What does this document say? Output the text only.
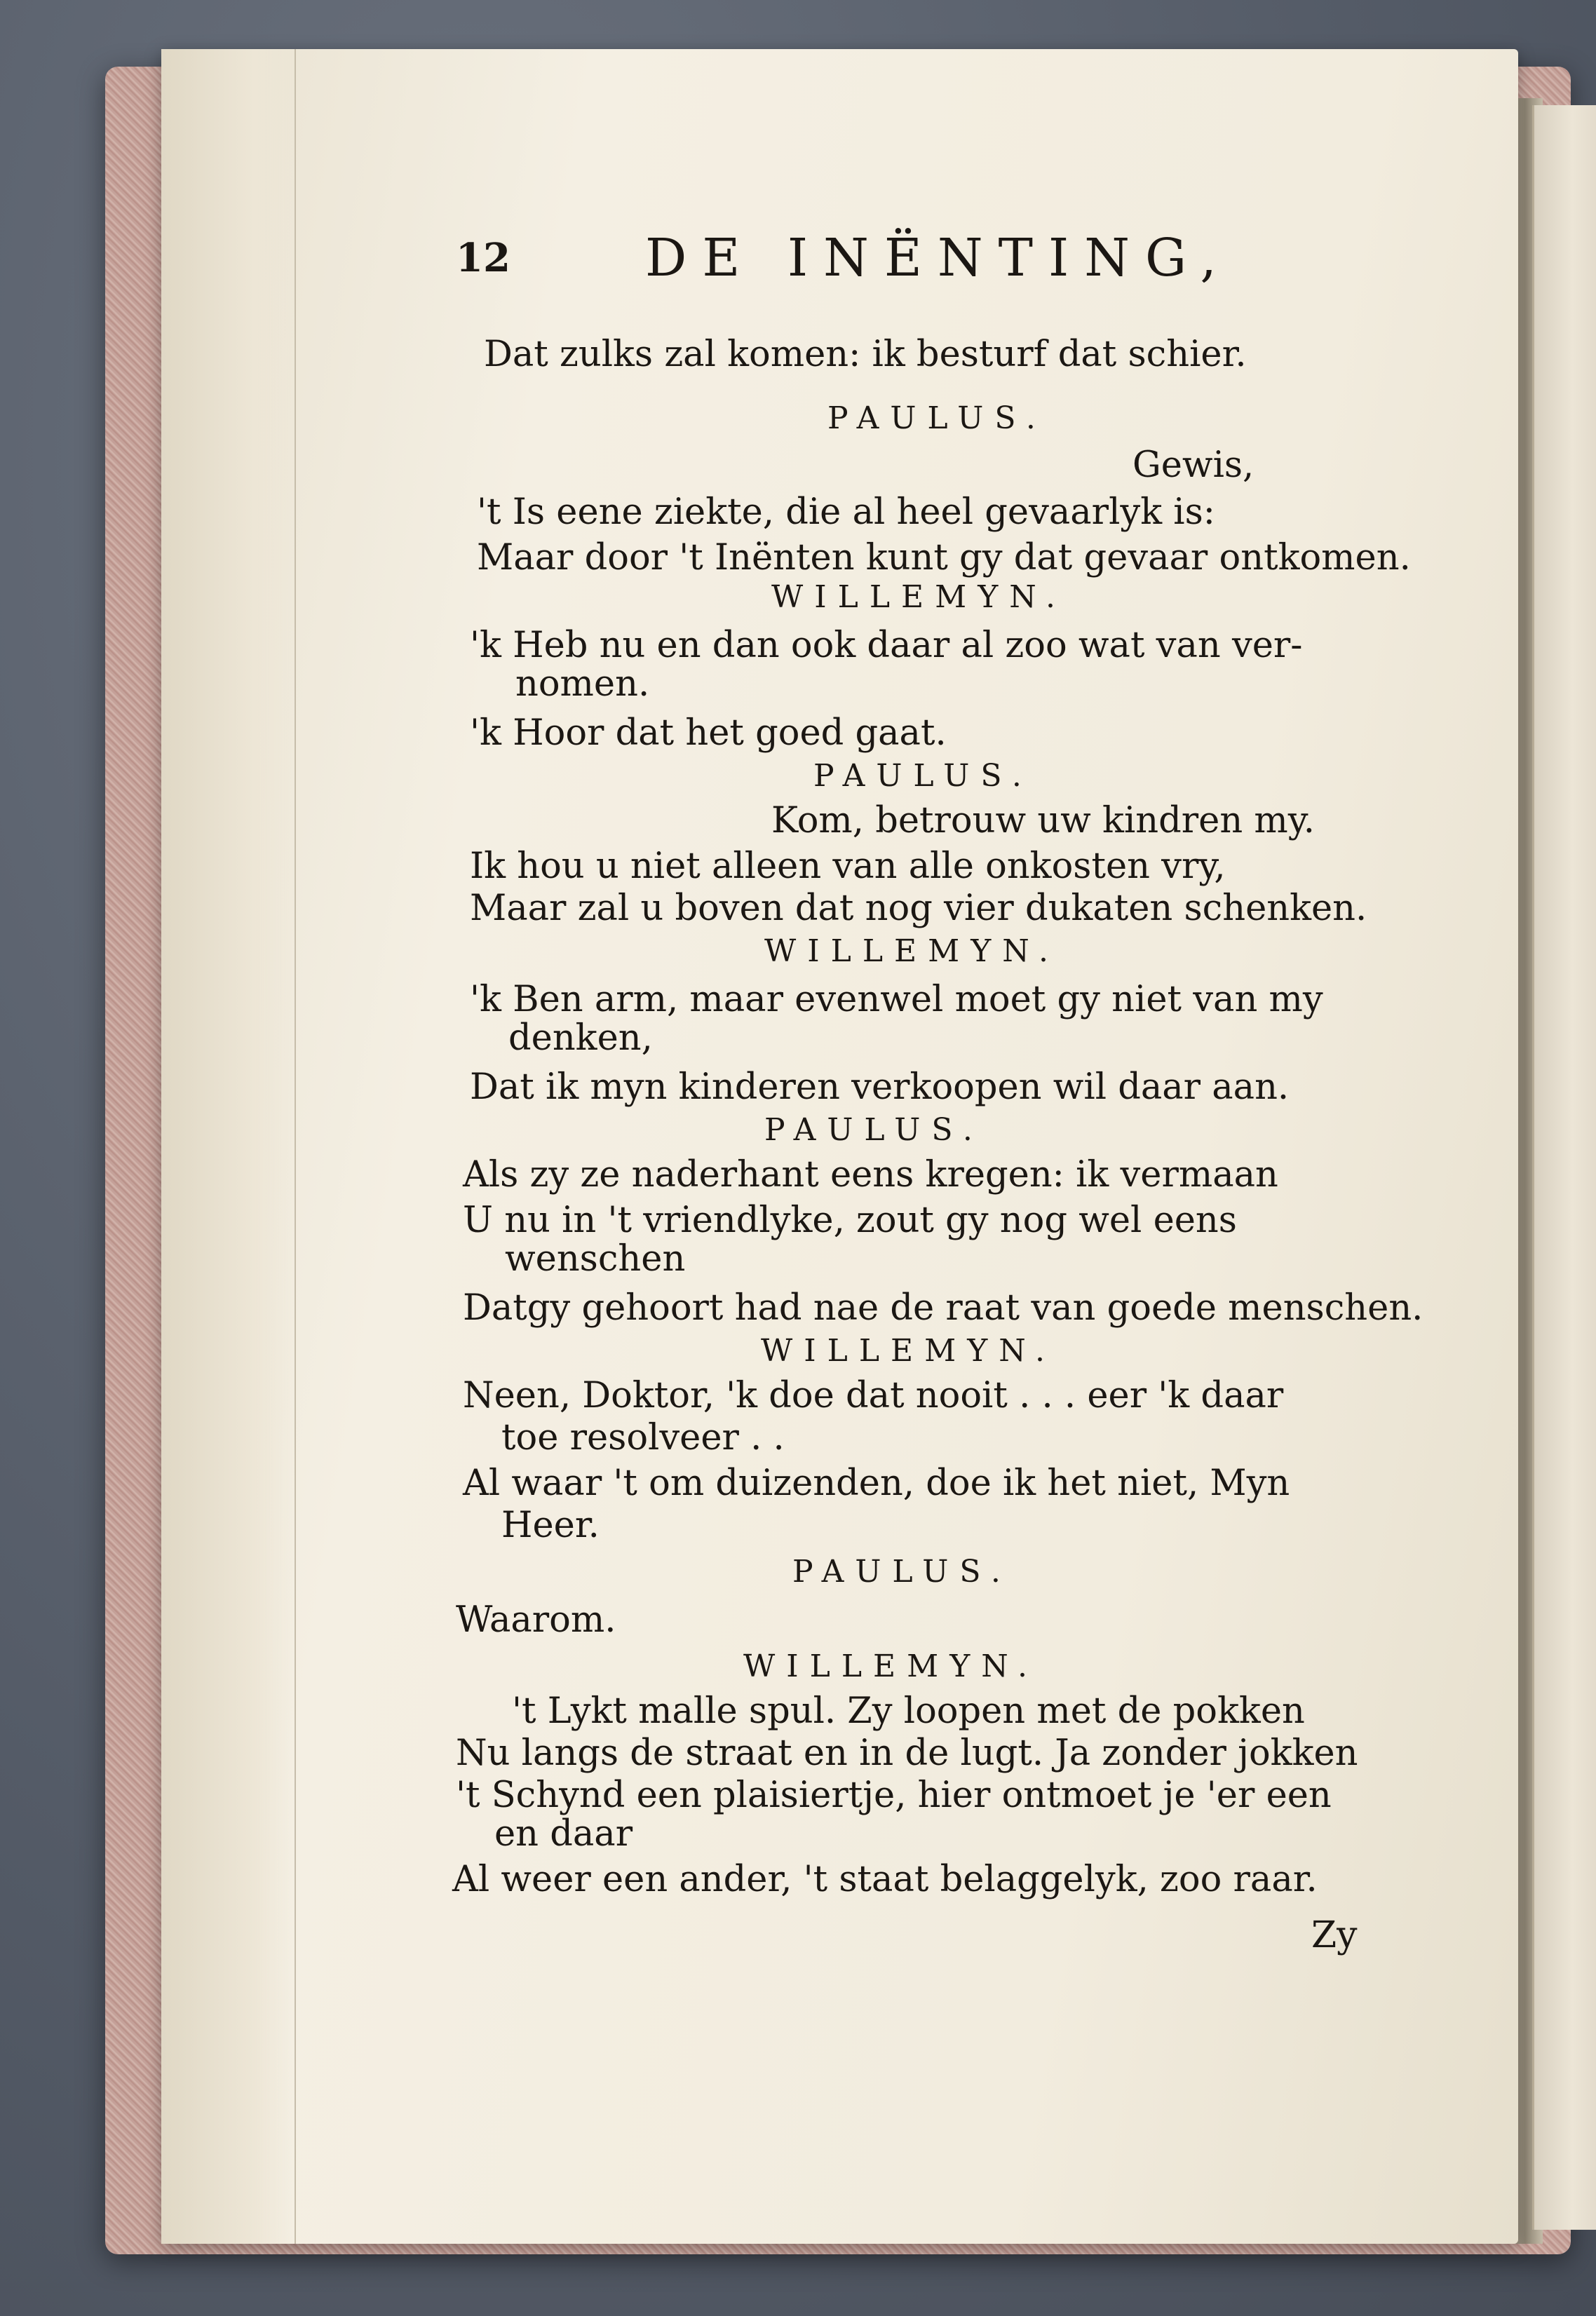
12	DE INËNTING,
Dat zulks zal komen: ik besturf dat schier.
PAULUS.
Gewis,
't Is eene ziekte, die al heel gevaarlyk is:
Maar door 't Inënten kunt gy dat gevaar ontkomen.
WILLEMYN.
'k Heb nu en dan ook daar al zoo wat van ver-
nomen.
'k Hoor dat het goed gaat.
PAULUS.
Kom, betrouw uw kindren my.
Ik hou u niet alleen van alle onkosten vry,
Maar zal u boven dat nog vier dukaten schenken.
WILLEMYN.
'k Ben arm, maar evenwel moet gy niet van my
denken,
Dat ik myn kinderen verkoopen wil daar aan.
PAULUS.
Als zy ze naderhant eens kregen: ik vermaan
U nu in 't vriendlyke, zout gy nog wel eens
wenschen
Datgy gehoort had nae de raat van goede menschen.
WILLEMYN.
Neen, Doktor, 'k doe dat nooit . . . eer 'k daar
toe resolveer . .
Al waar 't om duizenden, doe ik het niet, Myn
Heer.
PAULUS.
Waarom.
WILLEMYN.
't Lykt malle spul. Zy loopen met de pokken
Nu langs de straat en in de lugt. Ja zonder jokken
't Schynd een plaisiertje, hier ontmoet je 'er een
en daar
Al weer een ander, 't staat belaggelyk, zoo raar.
Zy
